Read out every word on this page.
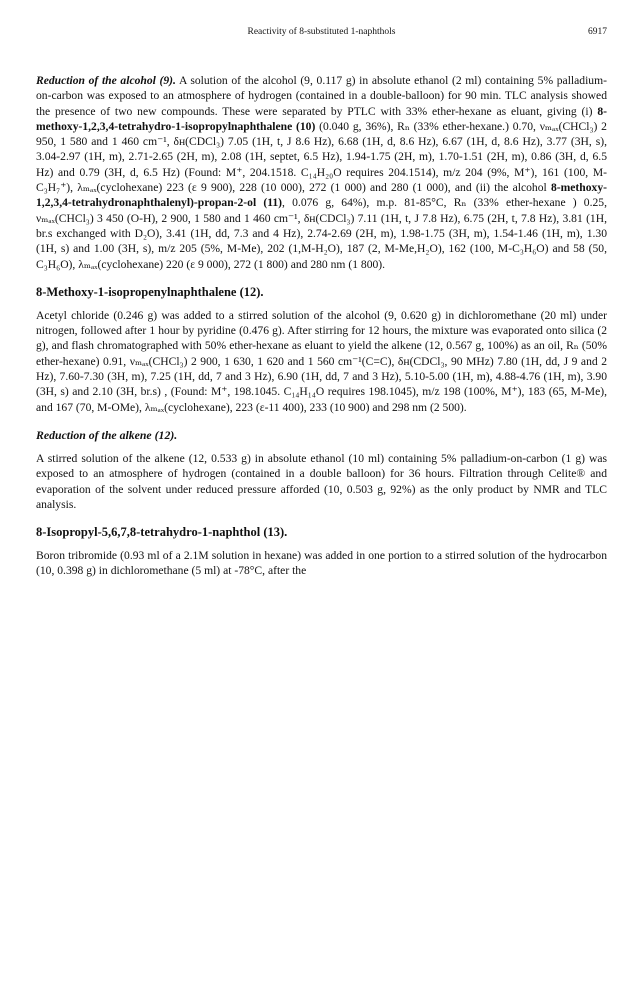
Reactivity of 8-substituted 1-naphthols	6917

Reduction of the alcohol (9). A solution of the alcohol (9, 0.117 g) in absolute ethanol (2 ml) containing 5% palladium-on-carbon was exposed to an atmosphere of hydrogen (contained in a double-balloon) for 90 min. TLC analysis showed the presence of two new compounds. These were separated by PTLC with 33% ether-hexane as eluant, giving (i) 8-methoxy-1,2,3,4-tetrahydro-1-isopropylnaphthalene (10) (0.040 g, 36%), Rₙ (33% ether-hexane.) 0.70, νₘₐₓ(CHCl₃) 2 950, 1 580 and 1 460 cm⁻¹, δʜ(CDCl₃) 7.05 (1H, t, J 8.6 Hz), 6.68 (1H, d, 8.6 Hz), 6.67 (1H, d, 8.6 Hz), 3.77 (3H, s), 3.04-2.97 (1H, m), 2.71-2.65 (2H, m), 2.08 (1H, septet, 6.5 Hz), 1.94-1.75 (2H, m), 1.70-1.51 (2H, m), 0.86 (3H, d, 6.5 Hz) and 0.79 (3H, d, 6.5 Hz) (Found: M⁺, 204.1518. C₁₄H₂₀O requires 204.1514), m/z 204 (9%, M⁺), 161 (100, M-C₃H₇⁺), λₘₐₓ(cyclohexane) 223 (ε 9 900), 228 (10 000), 272 (1 000) and 280 (1 000), and (ii) the alcohol 8-methoxy-1,2,3,4-tetrahydronaphthalenyl)-propan-2-ol (11), 0.076 g, 64%), m.p. 81-85°C, Rₙ (33% ether-hexane ) 0.25, νₘₐₓ(CHCl₃) 3 450 (O-H), 2 900, 1 580 and 1 460 cm⁻¹, δʜ(CDCl₃) 7.11 (1H, t, J 7.8 Hz), 6.75 (2H, t, 7.8 Hz), 3.81 (1H, br.s exchanged with D₂O), 3.41 (1H, dd, 7.3 and 4 Hz), 2.74-2.69 (2H, m), 1.98-1.75 (3H, m), 1.54-1.46 (1H, m), 1.30 (1H, s) and 1.00 (3H, s), m/z 205 (5%, M-Me), 202 (1,M-H₂O), 187 (2, M-Me,H₂O), 162 (100, M-C₃H₆O) and 58 (50, C₃H₆O), λₘₐₓ(cyclohexane) 220 (ε 9 000), 272 (1 800) and 280 nm (1 800).

8-Methoxy-1-isopropenylnaphthalene (12).

Acetyl chloride (0.246 g) was added to a stirred solution of the alcohol (9, 0.620 g) in dichloromethane (20 ml) under nitrogen, followed after 1 hour by pyridine (0.476 g). After stirring for 12 hours, the mixture was evaporated onto silica (2 g), and flash chromatographed with 50% ether-hexane as eluant to yield the alkene (12, 0.567 g, 100%) as an oil, Rₙ (50% ether-hexane) 0.91, νₘₐₓ(CHCl₃) 2 900, 1 630, 1 620 and 1 560 cm⁻¹(C=C), δʜ(CDCl₃, 90 MHz) 7.80 (1H, dd, J 9 and 2 Hz), 7.60-7.30 (3H, m), 7.25 (1H, dd, 7 and 3 Hz), 6.90 (1H, dd, 7 and 3 Hz), 5.10-5.00 (1H, m), 4.88-4.76 (1H, m), 3.90 (3H, s) and 2.10 (3H, br.s) , (Found: M⁺, 198.1045. C₁₄H₁₄O requires 198.1045), m/z 198 (100%, M⁺), 183 (65, M-Me), and 167 (70, M-OMe), λₘₐₓ(cyclohexane), 223 (ε-11 400), 233 (10 900) and 298 nm (2 500).

Reduction of the alkene (12).

A stirred solution of the alkene (12, 0.533 g) in absolute ethanol (10 ml) containing 5% palladium-on-carbon (1 g) was exposed to an atmosphere of hydrogen (contained in a double balloon) for 36 hours. Filtration through Celite® and evaporation of the solvent under reduced pressure afforded (10, 0.503 g, 92%) as the only product by NMR and TLC analysis.

8-Isopropyl-5,6,7,8-tetrahydro-1-naphthol (13).

Boron tribromide (0.93 ml of a 2.1M solution in hexane) was added in one portion to a stirred solution of the hydrocarbon (10, 0.398 g) in dichloromethane (5 ml) at -78°C, after the
